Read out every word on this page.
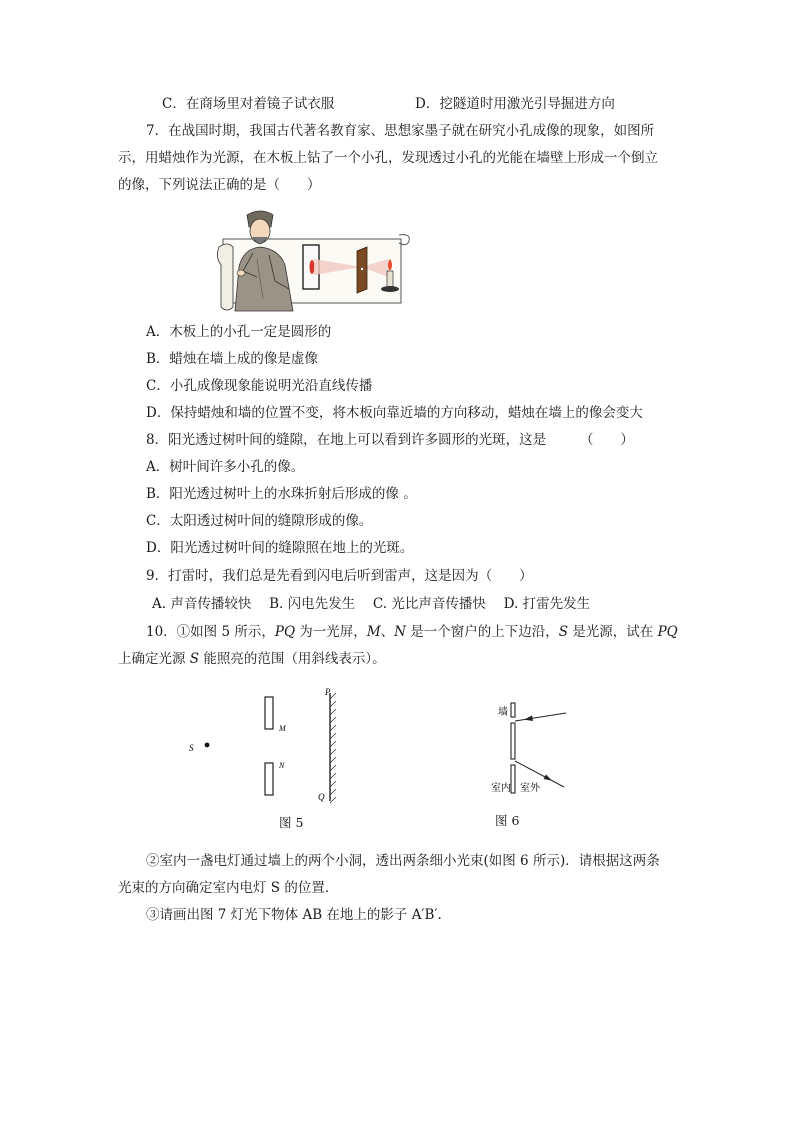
C．在商场里对着镜子试衣服	D．挖隧道时用激光引导掘进方向
7．在战国时期，我国古代著名教育家、思想家墨子就在研究小孔成像的现象，如图所
示，用蜡烛作为光源，在木板上钻了一个小孔，发现透过小孔的光能在墙壁上形成一个倒立
的像，下列说法正确的是（　　）
A．木板上的小孔一定是圆形的
B．蜡烛在墙上成的像是虚像
C．小孔成像现象能说明光沿直线传播
D．保持蜡烛和墙的位置不变，将木板向靠近墙的方向移动，蜡烛在墙上的像会变大
8．阳光透过树叶间的缝隙，在地上可以看到许多圆形的光斑，这是　　　（　　）
A．树叶间许多小孔的像。
B．阳光透过树叶上的水珠折射后形成的像 。
C．太阳透过树叶间的缝隙形成的像。
D．阳光透过树叶间的缝隙照在地上的光斑。
9．打雷时，我们总是先看到闪电后听到雷声，这是因为（　　）
A. 声音传播较快　 B. 闪电先发生　 C. 光比声音传播快　 D. 打雷先发生
10．①如图 5 所示，PQ 为一光屏，M、N 是一个窗户的上下边沿，S 是光源，试在 PQ
上确定光源 S 能照亮的范围（用斜线表示）。
S
M
N
P
Q
图 5
墙
室内 室外
图 6
②室内一盏电灯通过墙上的两个小洞，透出两条细小光束(如图 6 所示)．请根据这两条
光束的方向确定室内电灯 S 的位置．
③请画出图 7 灯光下物体 AB 在地上的影子 A′B′.
